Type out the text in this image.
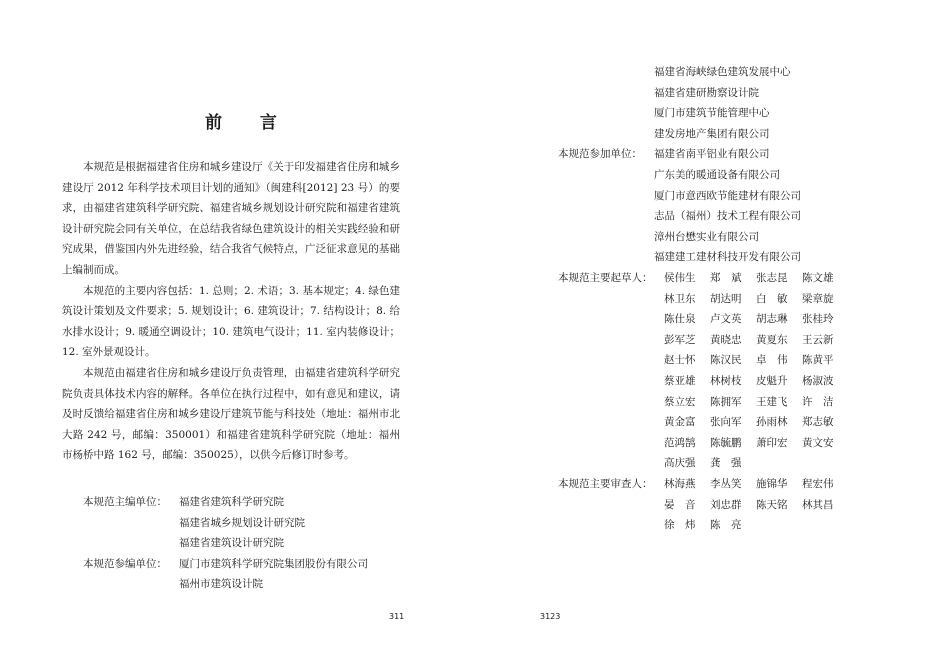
前 言

本规范是根据福建省住房和城乡建设厅《关于印发福建省住房和城乡建设厅 2012 年科学技术项目计划的通知》（闽建科[2012] 23 号）的要求，由福建省建筑科学研究院、福建省城乡规划设计研究院和福建省建筑设计研究院会同有关单位，在总结我省绿色建筑设计的相关实践经验和研究成果，借鉴国内外先进经验，结合我省气候特点，广泛征求意见的基础上编制而成。

本规范的主要内容包括：1. 总则；2. 术语；3. 基本规定；4. 绿色建筑设计策划及文件要求；5. 规划设计；6. 建筑设计；7. 结构设计；8. 给水排水设计；9. 暖通空调设计；10. 建筑电气设计；11. 室内装修设计；12. 室外景观设计。

本规范由福建省住房和城乡建设厅负责管理，由福建省建筑科学研究院负责具体技术内容的解释。各单位在执行过程中，如有意见和建议，请及时反馈给福建省住房和城乡建设厅建筑节能与科技处（地址：福州市北大路 242 号，邮编：350001）和福建省建筑科学研究院（地址：福州市杨桥中路 162 号，邮编：350025），以供今后修订时参考。

本规范主编单位：	福建省建筑科学研究院
福建省城乡规划设计研究院
福建省建筑设计研究院
本规范参编单位：	厦门市建筑科学研究院集团股份有限公司
福州市建筑设计院
311
福建省海峡绿色建筑发展中心
福建省建研勘察设计院
厦门市建筑节能管理中心
建发房地产集团有限公司
本规范参加单位：	福建省南平铝业有限公司
广东美的暖通设备有限公司
厦门市意西欧节能建材有限公司
志品（福州）技术工程有限公司
漳州台懋实业有限公司
福建建工建材科技开发有限公司
本规范主要起草人：	侯伟生	郑　斌	张志昆	陈文雄
林卫东	胡达明	白　敏	梁章旋
陈仕泉	卢文英	胡志琳	张桂玲
彭军芝	黄晓忠	黄夏东	王云新
赵士怀	陈汉民	卓　伟	陈黄平
蔡亚雄	林树枝	皮魁升	杨淑波
蔡立宏	陈拥军	王建飞	许　洁
黄金富	张向军	孙雨林	郑志敏
范鸿鹄	陈毓鹏	萧印宏	黄文安
高庆强	龚　强
本规范主要审查人：	林海燕	李丛笑	施锦华	程宏伟
晏　音	刘忠群	陈天铭	林其昌
徐　炜	陈　亮
3123
